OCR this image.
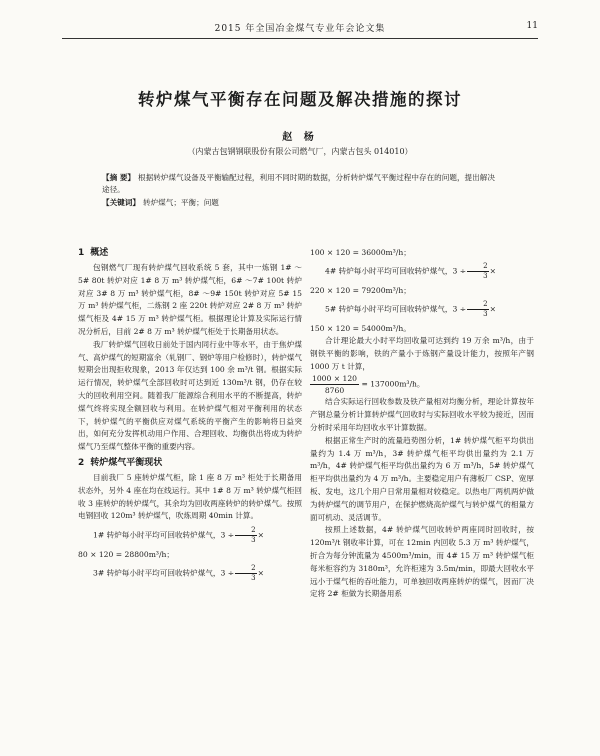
2015 年全国冶金煤气专业年会论文集	11
转炉煤气平衡存在问题及解决措施的探讨
赵 杨
（内蒙古包钢钢联股份有限公司燃气厂，内蒙古包头 014010）

【摘 要】 根据转炉煤气设备及平衡输配过程，利用不同时期的数据，分析转炉煤气平衡过程中存在的问题，提出解决途径。

【关键词】 转炉煤气；平衡；问题

1 概述

包钢燃气厂现有转炉煤气回收系统 5 套，其中一炼钢 1# ～5# 80t 转炉对应 1# 8 万 m³ 转炉煤气柜，6# ～7# 100t 转炉对应 3# 8 万 m³ 转炉煤气柜，8# ～9# 150t 转炉对应 5# 15 万 m³ 转炉煤气柜，二炼钢 2 座 220t 转炉对应 2# 8 万 m³ 转炉煤气柜及 4# 15 万 m³ 转炉煤气柜。根据理论计算及实际运行情况分析后，目前 2# 8 万 m³ 转炉煤气柜处于长期备用状态。

我厂转炉煤气回收日前处于国内同行业中等水平，由于焦炉煤气、高炉煤气的短期富余（轧钢厂、钢炉等用户检修时），转炉煤气短期会出现拒收现象，2013 年仅达到 100 余 m³/t 钢。根据实际运行情况，转炉煤气全部回收时可达到近 130m³/t 钢，仍存在较大的回收利用空间。随着我厂能源综合利用水平的不断提高，转炉煤气终将实现全额回收与利用。在转炉煤气相对平衡利用的状态下，转炉煤气的平衡供应对煤气系统的平衡产生的影响将日益突出，如何充分发挥机动用户作用、合理回收、均衡供出将成为转炉煤气乃至煤气整体平衡的重要内容。

2 转炉煤气平衡现状

目前我厂 5 座转炉煤气柜，除 1 座 8 万 m³ 柜处于长期备用状态外，另外 4 座在均在线运行。其中 1# 8 万 m³ 转炉煤气柜回收 3 座转炉的转炉煤气，其余均为回收两座转炉的转炉煤气。按照电钢回收 120m³ 转炉煤气，吹炼周期 40min 计算。

1# 转炉每小时平均可回收转炉煤气，$3 \div \frac{2}{3}$ ×

80 × 120 = 28800m³/h；

3# 转炉每小时平均可回收转炉煤气，$3 \div \frac{2}{3}$ ×

100 × 120 = 36000m³/h；

4# 转炉每小时平均可回收转炉煤气，$3 \div \frac{2}{3}$ ×

220 × 120 = 79200m³/h；

5# 转炉每小时平均可回收转炉煤气，$3 \div \frac{2}{3}$ ×

150 × 120 = 54000m³/h。

合计理论最大小时平均回收量可达到约 19 万余 m³/h，由于钢铁平衡的影响，铁的产量小于炼钢产量设计能力，按照年产钢 1000 万 t 计算，

$\frac{1000 \times 120}{8760} = 137000m^3/h$。

结合实际运行回收参数及铁产量相对均衡分析，理论计算按年产钢总量分析计算转炉煤气回收时与实际回收水平较为接近，因而分析时采用年均回收水平计算数据。

根据正常生产时的流量趋势图分析，1# 转炉煤气柜平均供出量约为 1.4 万 m³/h，3# 转炉煤气柜平均供出量约为 2.1 万 m³/h，4# 转炉煤气柜平均供出量约为 6 万 m³/h，5# 转炉煤气柜平均供出量约为 4 万 m³/h。主要稳定用户有薄板厂 CSP、宽厚板、发电，这几个用户日常用量相对较稳定。以热电厂两机两炉做为转炉煤气的调节用户，在保护燃烧高炉煤气与转炉煤气的相量方面可机动、灵活调节。

按照上述数据，4# 转炉煤气回收转炉两座同时回收时，按 120m³/t 钢收率计算，可在 12min 内回收 5.3 万 m³ 转炉煤气，折合为每分钟流量为 4500m³/min，而 4# 15 万 m³ 转炉煤气柜每米柜容约为 3180m³，允许柜速为 3.5m/min，即最大回收水平远小于煤气柜的吞吐能力，可单独回收两座转炉的煤气，因而厂决定将 2# 柜做为长期备用系
